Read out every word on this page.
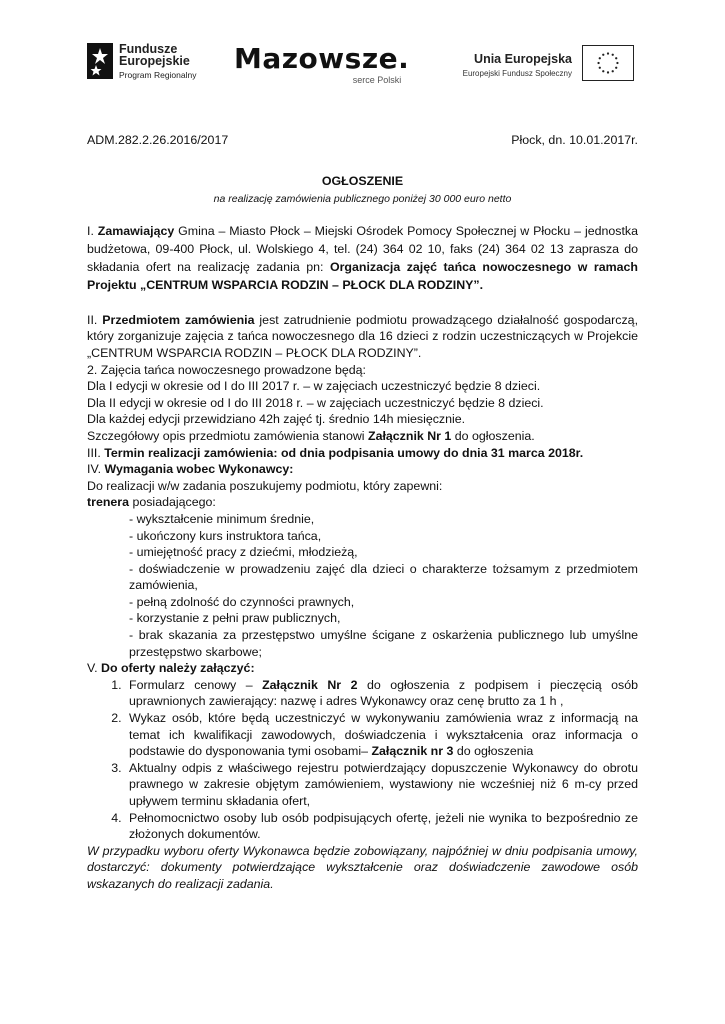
Fundusze
Europejskie
Program Regionalny Mazowsze.
serce Polski
Unia Europejska
Europejski Fundusz Społeczny
ADM.282.2.26.2016/2017	Płock, dn. 10.01.2017r.
OGŁOSZENIE
na realizację zamówienia publicznego poniżej 30 000 euro netto

I. Zamawiający Gmina – Miasto Płock – Miejski Ośrodek Pomocy Społecznej w Płocku – jednostka budżetowa, 09-400 Płock, ul. Wolskiego 4, tel. (24) 364 02 10, faks (24) 364 02 13 zaprasza do składania ofert na realizację zadania pn: Organizacja zajęć tańca nowoczesnego w ramach Projektu „CENTRUM WSPARCIA RODZIN – PŁOCK DLA RODZINY”.

II. Przedmiotem zamówienia jest zatrudnienie podmiotu prowadzącego działalność gospodarczą, który zorganizuje zajęcia z tańca nowoczesnego dla 16 dzieci z rodzin uczestniczących w Projekcie „CENTRUM WSPARCIA RODZIN – PŁOCK DLA RODZINY”.

2. Zajęcia tańca nowoczesnego prowadzone będą:

Dla I edycji w okresie od I do III 2017 r. – w zajęciach uczestniczyć będzie 8 dzieci.

Dla II edycji w okresie od I do III 2018 r. – w zajęciach uczestniczyć będzie 8 dzieci.

Dla każdej edycji przewidziano 42h zajęć tj. średnio 14h miesięcznie.

Szczegółowy opis przedmiotu zamówienia stanowi Załącznik Nr 1 do ogłoszenia.

III. Termin realizacji zamówienia: od dnia podpisania umowy do dnia 31 marca 2018r.

IV. Wymagania wobec Wykonawcy:

Do realizacji w/w zadania poszukujemy podmiotu, który zapewni:

trenera posiadającego:

- wykształcenie minimum średnie,

- ukończony kurs instruktora tańca,

- umiejętność pracy z dziećmi, młodzieżą,

- doświadczenie w prowadzeniu zajęć dla dzieci o charakterze tożsamym z przedmiotem zamówienia,

- pełną zdolność do czynności prawnych,

- korzystanie z pełni praw publicznych,

- brak skazania za przestępstwo umyślne ścigane z oskarżenia publicznego lub umyślne przestępstwo skarbowe;

V. Do oferty należy załączyć:

1. Formularz cenowy – Załącznik Nr 2 do ogłoszenia z podpisem i pieczęcią osób uprawnionych zawierający: nazwę i adres Wykonawcy oraz cenę brutto za 1 h ,
2. Wykaz osób, które będą uczestniczyć w wykonywaniu zamówienia wraz z informacją na temat ich kwalifikacji zawodowych, doświadczenia i wykształcenia oraz informacja o podstawie do dysponowania tymi osobami– Załącznik nr 3 do ogłoszenia
3. Aktualny odpis z właściwego rejestru potwierdzający dopuszczenie Wykonawcy do obrotu prawnego w zakresie objętym zamówieniem, wystawiony nie wcześniej niż 6 m-cy przed upływem terminu składania ofert,
4. Pełnomocnictwo osoby lub osób podpisujących ofertę, jeżeli nie wynika to bezpośrednio ze złożonych dokumentów.

W przypadku wyboru oferty Wykonawca będzie zobowiązany, najpóźniej w dniu podpisania umowy, dostarczyć: dokumenty potwierdzające wykształcenie oraz doświadczenie zawodowe osób wskazanych do realizacji zadania.
